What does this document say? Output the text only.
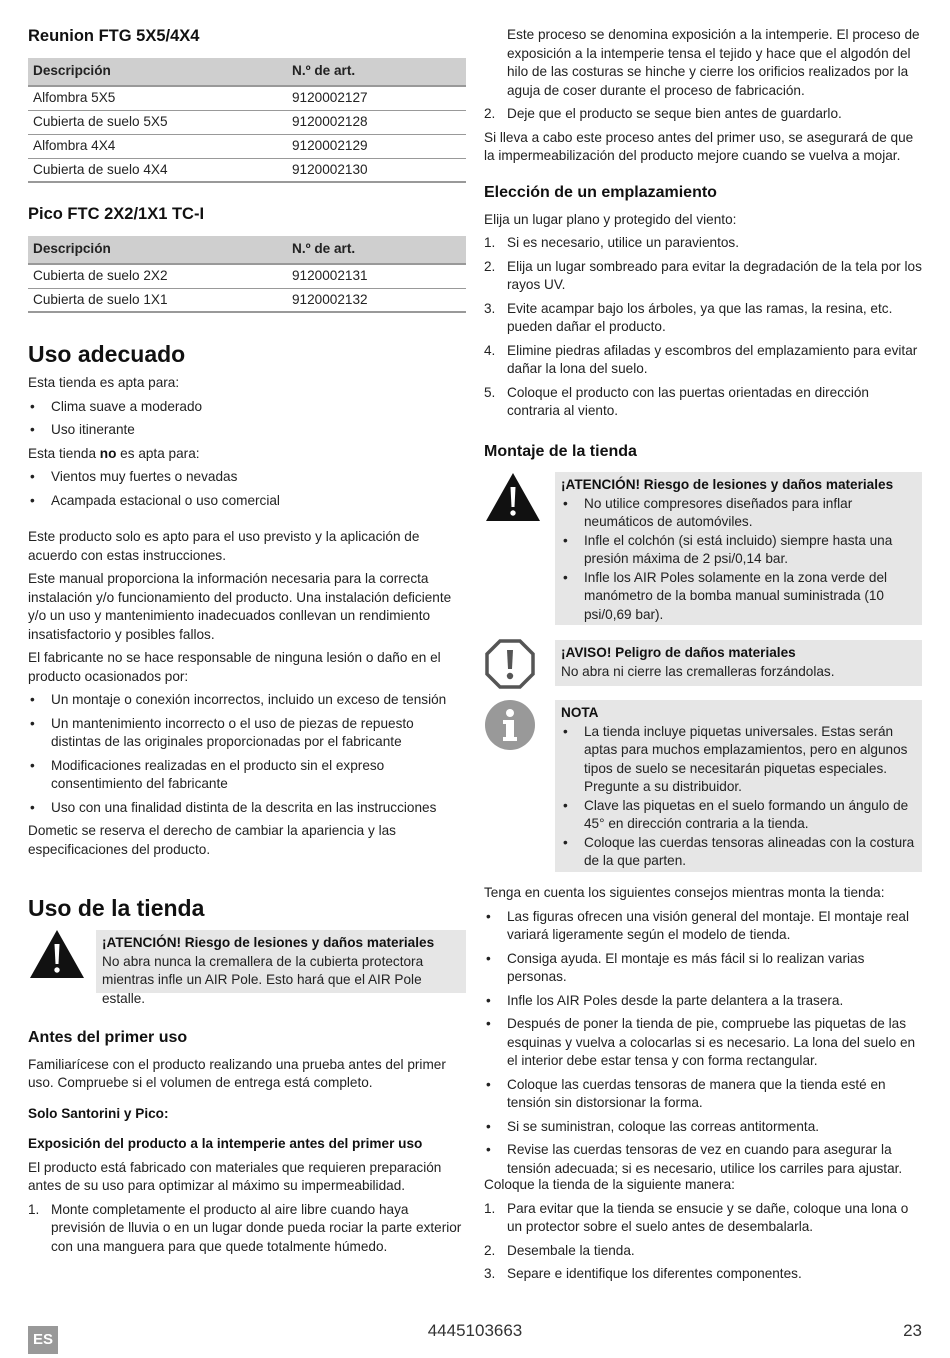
Reunion FTG 5X5/4X4
Descripción	N.º de art.
Alfombra 5X5	9120002127
Cubierta de suelo 5X5	9120002128
Alfombra 4X4	9120002129
Cubierta de suelo 4X4	9120002130
Pico FTC 2X2/1X1 TC-I
Descripción	N.º de art.
Cubierta de suelo 2X2	9120002131
Cubierta de suelo 1X1	9120002132
Uso adecuado

Esta tienda es apta para:

• Clima suave a moderado
• Uso itinerante

Esta tienda no es apta para:

• Vientos muy fuertes o nevadas
• Acampada estacional o uso comercial

Este producto solo es apto para el uso previsto y la aplicación de acuerdo con estas instrucciones.

Este manual proporciona la información necesaria para la correcta instalación y/o funcionamiento del producto. Una instalación deficiente y/o un uso y mantenimiento inadecuados conllevan un rendimiento insatisfactorio y posibles fallos.

El fabricante no se hace responsable de ninguna lesión o daño en el producto ocasionados por:

• Un montaje o conexión incorrectos, incluido un exceso de tensión
• Un mantenimiento incorrecto o el uso de piezas de repuesto distintas de las originales proporcionadas por el fabricante
• Modificaciones realizadas en el producto sin el expreso consentimiento del fabricante
• Uso con una finalidad distinta de la descrita en las instrucciones

Dometic se reserva el derecho de cambiar la apariencia y las especificaciones del producto.

Uso de la tienda
¡ATENCIÓN! Riesgo de lesiones y daños materiales
No abra nunca la cremallera de la cubierta protectora mientras infle un AIR Pole. Esto hará que el AIR Pole estalle.
Antes del primer uso

Familiarícese con el producto realizando una prueba antes del primer uso. Compruebe si el volumen de entrega está completo.

Solo Santorini y Pico:

Exposición del producto a la intemperie antes del primer uso

El producto está fabricado con materiales que requieren preparación antes de su uso para optimizar al máximo su impermeabilidad.

1. Monte completamente el producto al aire libre cuando haya previsión de lluvia o en un lugar donde pueda rociar la parte exterior con una manguera para que quede totalmente húmedo.

Este proceso se denomina exposición a la intemperie. El proceso de exposición a la intemperie tensa el tejido y hace que el algodón del hilo de las costuras se hinche y cierre los orificios realizados por la aguja de coser durante el proceso de fabricación.

2. Deje que el producto se seque bien antes de guardarlo.

Si lleva a cabo este proceso antes del primer uso, se asegurará de que la impermeabilización del producto mejore cuando se vuelva a mojar.

Elección de un emplazamiento

Elija un lugar plano y protegido del viento:

1. Si es necesario, utilice un paravientos.
2. Elija un lugar sombreado para evitar la degradación de la tela por los rayos UV.
3. Evite acampar bajo los árboles, ya que las ramas, la resina, etc. pueden dañar el producto.
4. Elimine piedras afiladas y escombros del emplazamiento para evitar dañar la lona del suelo.
5. Coloque el producto con las puertas orientadas en dirección contraria al viento.
Montaje de la tienda
¡ATENCIÓN! Riesgo de lesiones y daños materiales
• No utilice compresores diseñados para inflar neumáticos de automóviles.
• Infle el colchón (si está incluido) siempre hasta una presión máxima de 2 psi/0,14 bar.
• Infle los AIR Poles solamente en la zona verde del manómetro de la bomba manual suministrada (10 psi/0,69 bar).
¡AVISO! Peligro de daños materiales
No abra ni cierre las cremalleras forzándolas.
NOTA
• La tienda incluye piquetas universales. Estas serán aptas para muchos emplazamientos, pero en algunos tipos de suelo se necesitarán piquetas especiales. Pregunte a su distribuidor.
• Clave las piquetas en el suelo formando un ángulo de 45° en dirección contraria a la tienda.
• Coloque las cuerdas tensoras alineadas con la costura de la que parten.

Tenga en cuenta los siguientes consejos mientras monta la tienda:

• Las figuras ofrecen una visión general del montaje. El montaje real variará ligeramente según el modelo de tienda.
• Consiga ayuda. El montaje es más fácil si lo realizan varias personas.
• Infle los AIR Poles desde la parte delantera a la trasera.
• Después de poner la tienda de pie, compruebe las piquetas de las esquinas y vuelva a colocarlas si es necesario. La lona del suelo en el interior debe estar tensa y con forma rectangular.
• Coloque las cuerdas tensoras de manera que la tienda esté en tensión sin distorsionar la forma.
• Si se suministran, coloque las correas antitormenta.
• Revise las cuerdas tensoras de vez en cuando para asegurar la tensión adecuada; si es necesario, utilice los carriles para ajustar.

Coloque la tienda de la siguiente manera:

1. Para evitar que la tienda se ensucie y se dañe, coloque una lona o un protector sobre el suelo antes de desembalarla.
2. Desembale la tienda.
3. Separe e identifique los diferentes componentes.
ES	4445103663	23
